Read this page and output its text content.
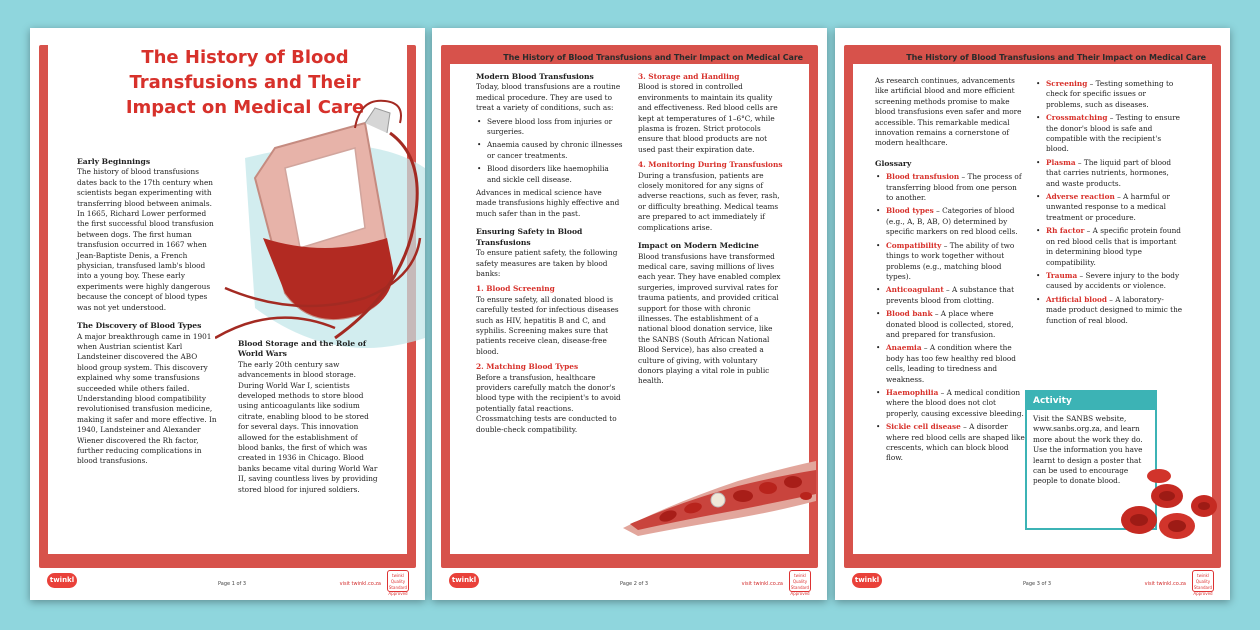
The History of Blood Transfusions and Their Impact on Medical Care
Early Beginnings
The history of blood transfusions dates back to the 17th century when scientists began experimenting with transferring blood between animals. In 1665, Richard Lower performed the first successful blood transfusion between dogs. The first human transfusion occurred in 1667 when Jean-Baptiste Denis, a French physician, transfused lamb's blood into a young boy. These early experiments were highly dangerous because the concept of blood types was not yet understood.
The Discovery of Blood Types
A major breakthrough came in 1901 when Austrian scientist Karl Landsteiner discovered the ABO blood group system. This discovery explained why some transfusions succeeded while others failed. Understanding blood compatibility revolutionised transfusion medicine, making it safer and more effective. In 1940, Landsteiner and Alexander Wiener discovered the Rh factor, further reducing complications in blood transfusions.
Blood Storage and the Role of World Wars
The early 20th century saw advancements in blood storage. During World War I, scientists developed methods to store blood using anticoagulants like sodium citrate, enabling blood to be stored for several days. This innovation allowed for the establishment of blood banks, the first of which was created in 1936 in Chicago. Blood banks became vital during World War II, saving countless lives by providing stored blood for injured soldiers.
twinkl	Page 1 of 3	visit twinkl.co.za
twinkl Quality Standard Approved
The History of Blood Transfusions and Their Impact on Medical Care
Modern Blood Transfusions
Today, blood transfusions are a routine medical procedure. They are used to treat a variety of conditions, such as:
• Severe blood loss from injuries or surgeries.
• Anaemia caused by chronic illnesses or cancer treatments.
• Blood disorders like haemophilia and sickle cell disease.
Advances in medical science have made transfusions highly effective and much safer than in the past.
Ensuring Safety in Blood Transfusions
To ensure patient safety, the following safety measures are taken by blood banks:
1. Blood Screening
To ensure safety, all donated blood is carefully tested for infectious diseases such as HIV, hepatitis B and C, and syphilis. Screening makes sure that patients receive clean, disease-free blood.
2. Matching Blood Types
Before a transfusion, healthcare providers carefully match the donor's blood type with the recipient's to avoid potentially fatal reactions. Crossmatching tests are conducted to double-check compatibility.
3. Storage and Handling
Blood is stored in controlled environments to maintain its quality and effectiveness. Red blood cells are kept at temperatures of 1–6°C, while plasma is frozen. Strict protocols ensure that blood products are not used past their expiration date.
4. Monitoring During Transfusions
During a transfusion, patients are closely monitored for any signs of adverse reactions, such as fever, rash, or difficulty breathing. Medical teams are prepared to act immediately if complications arise.
Impact on Modern Medicine
Blood transfusions have transformed medical care, saving millions of lives each year. They have enabled complex surgeries, improved survival rates for trauma patients, and provided critical support for those with chronic illnesses. The establishment of a national blood donation service, like the SANBS (South African National Blood Service), has also created a culture of giving, with voluntary donors playing a vital role in public health.
twinkl	Page 2 of 3	visit twinkl.co.za
twinkl Quality Standard Approved
The History of Blood Transfusions and Their Impact on Medical Care
As research continues, advancements like artificial blood and more efficient screening methods promise to make blood transfusions even safer and more accessible. This remarkable medical innovation remains a cornerstone of modern healthcare.
Glossary
• Blood transfusion – The process of transferring blood from one person to another.
• Blood types – Categories of blood (e.g., A, B, AB, O) determined by specific markers on red blood cells.
• Compatibility – The ability of two things to work together without problems (e.g., matching blood types).
• Anticoagulant – A substance that prevents blood from clotting.
• Blood bank – A place where donated blood is collected, stored, and prepared for transfusion.
• Anaemia – A condition where the body has too few healthy red blood cells, leading to tiredness and weakness.
• Haemophilia – A medical condition where the blood does not clot properly, causing excessive bleeding.
• Sickle cell disease – A disorder where red blood cells are shaped like crescents, which can block blood flow.
• Screening – Testing something to check for specific issues or problems, such as diseases.
• Crossmatching – Testing to ensure the donor's blood is safe and compatible with the recipient's blood.
• Plasma – The liquid part of blood that carries nutrients, hormones, and waste products.
• Adverse reaction – A harmful or unwanted response to a medical treatment or procedure.
• Rh factor – A specific protein found on red blood cells that is important in determining blood type compatibility.
• Trauma – Severe injury to the body caused by accidents or violence.
• Artificial blood – A laboratory-made product designed to mimic the function of real blood.
Activity
Visit the SANBS website, www.sanbs.org.za, and learn more about the work they do. Use the information you have learnt to design a poster that can be used to encourage people to donate blood.
twinkl	Page 3 of 3	visit twinkl.co.za
twinkl Quality Standard Approved
